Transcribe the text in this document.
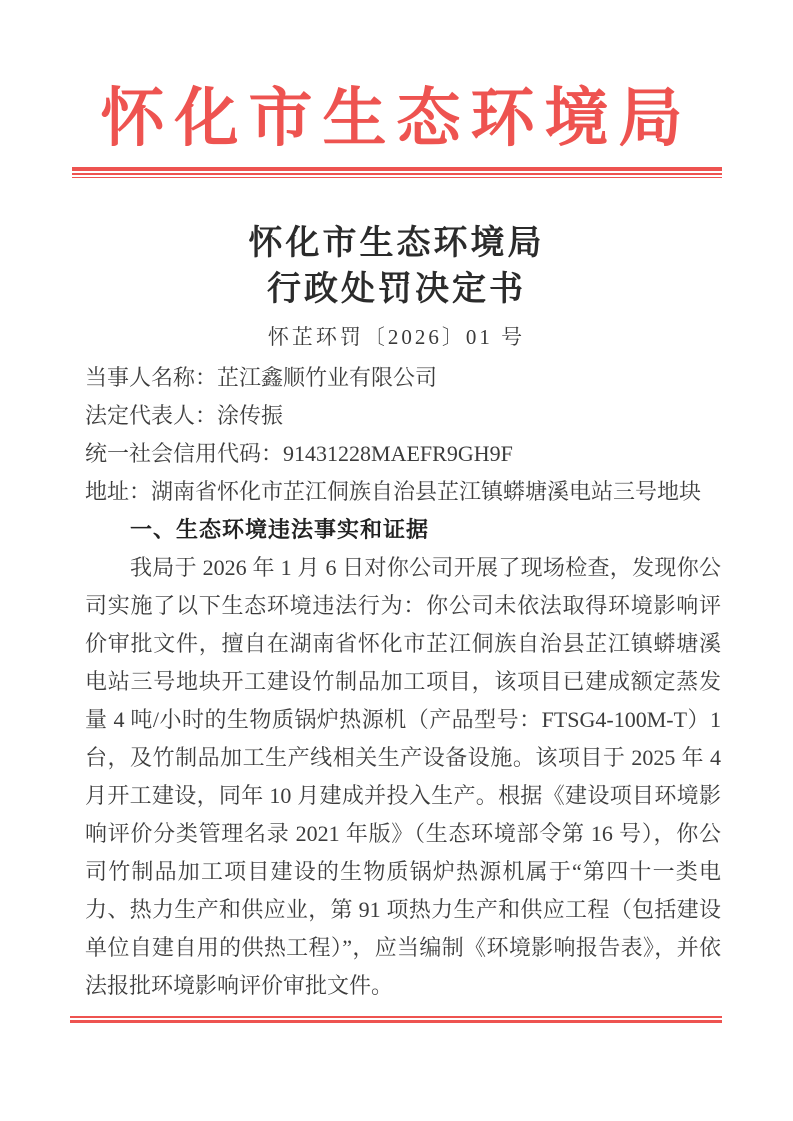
怀化市生态环境局
怀化市生态环境局
行政处罚决定书
怀芷环罚〔2026〕01 号
当事人名称：芷江鑫顺竹业有限公司
法定代表人：涂传振
统一社会信用代码：91431228MAEFR9GH9F
地址：湖南省怀化市芷江侗族自治县芷江镇蟒塘溪电站三号地块
一、生态环境违法事实和证据

我局于 2026 年 1 月 6 日对你公司开展了现场检查，发现你公司实施了以下生态环境违法行为：你公司未依法取得环境影响评价审批文件，擅自在湖南省怀化市芷江侗族自治县芷江镇蟒塘溪电站三号地块开工建设竹制品加工项目，该项目已建成额定蒸发量 4 吨/小时的生物质锅炉热源机（产品型号：FTSG4-100M-T）1 台，及竹制品加工生产线相关生产设备设施。该项目于 2025 年 4 月开工建设，同年 10 月建成并投入生产。根据《建设项目环境影响评价分类管理名录 2021 年版》（生态环境部令第 16 号），你公司竹制品加工项目建设的生物质锅炉热源机属于“第四十一类电力、热力生产和供应业，第 91 项热力生产和供应工程（包括建设单位自建自用的供热工程）”，应当编制《环境影响报告表》，并依法报批环境影响评价审批文件。
